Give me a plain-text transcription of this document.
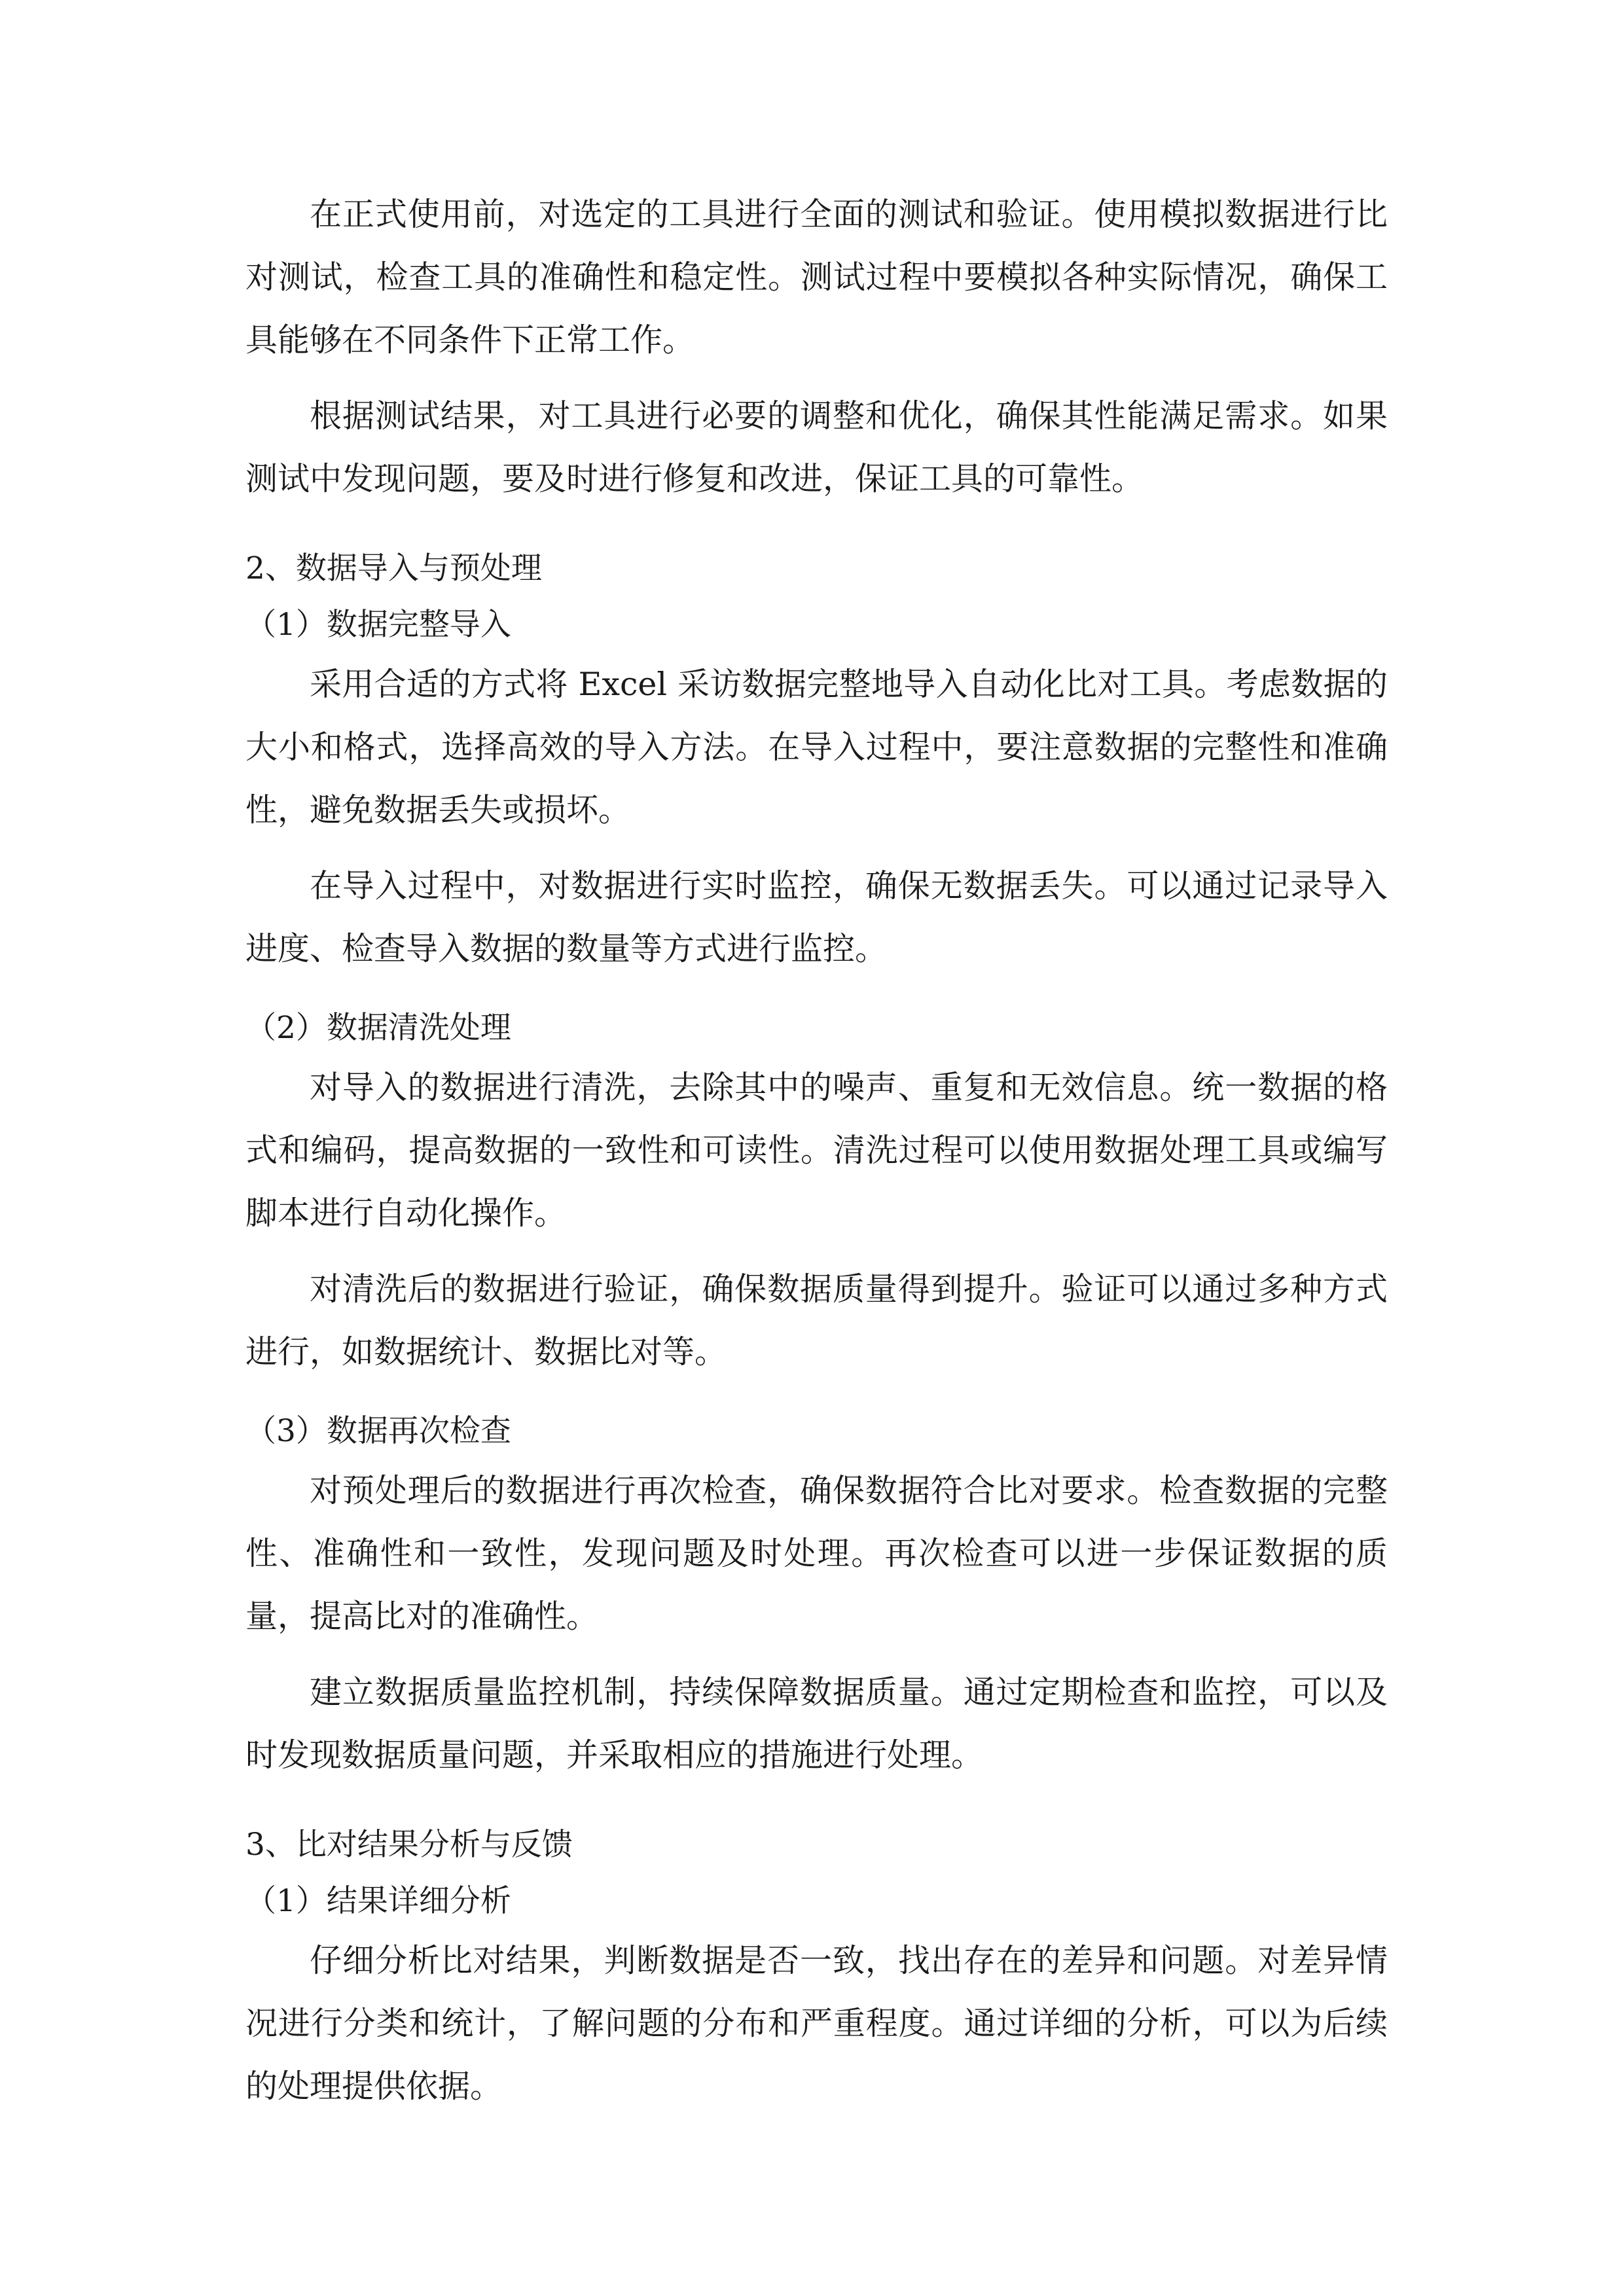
在正式使用前，对选定的工具进行全面的测试和验证。使用模拟数据进行比对测试，检查工具的准确性和稳定性。测试过程中要模拟各种实际情况，确保工具能够在不同条件下正常工作。

根据测试结果，对工具进行必要的调整和优化，确保其性能满足需求。如果测试中发现问题，要及时进行修复和改进，保证工具的可靠性。

2、数据导入与预处理

（1）数据完整导入

采用合适的方式将 Excel 采访数据完整地导入自动化比对工具。考虑数据的大小和格式，选择高效的导入方法。在导入过程中，要注意数据的完整性和准确性，避免数据丢失或损坏。

在导入过程中，对数据进行实时监控，确保无数据丢失。可以通过记录导入进度、检查导入数据的数量等方式进行监控。

（2）数据清洗处理

对导入的数据进行清洗，去除其中的噪声、重复和无效信息。统一数据的格式和编码，提高数据的一致性和可读性。清洗过程可以使用数据处理工具或编写脚本进行自动化操作。

对清洗后的数据进行验证，确保数据质量得到提升。验证可以通过多种方式进行，如数据统计、数据比对等。

（3）数据再次检查

对预处理后的数据进行再次检查，确保数据符合比对要求。检查数据的完整性、准确性和一致性，发现问题及时处理。再次检查可以进一步保证数据的质量，提高比对的准确性。

建立数据质量监控机制，持续保障数据质量。通过定期检查和监控，可以及时发现数据质量问题，并采取相应的措施进行处理。

3、比对结果分析与反馈

（1）结果详细分析

仔细分析比对结果，判断数据是否一致，找出存在的差异和问题。对差异情况进行分类和统计，了解问题的分布和严重程度。通过详细的分析，可以为后续的处理提供依据。
